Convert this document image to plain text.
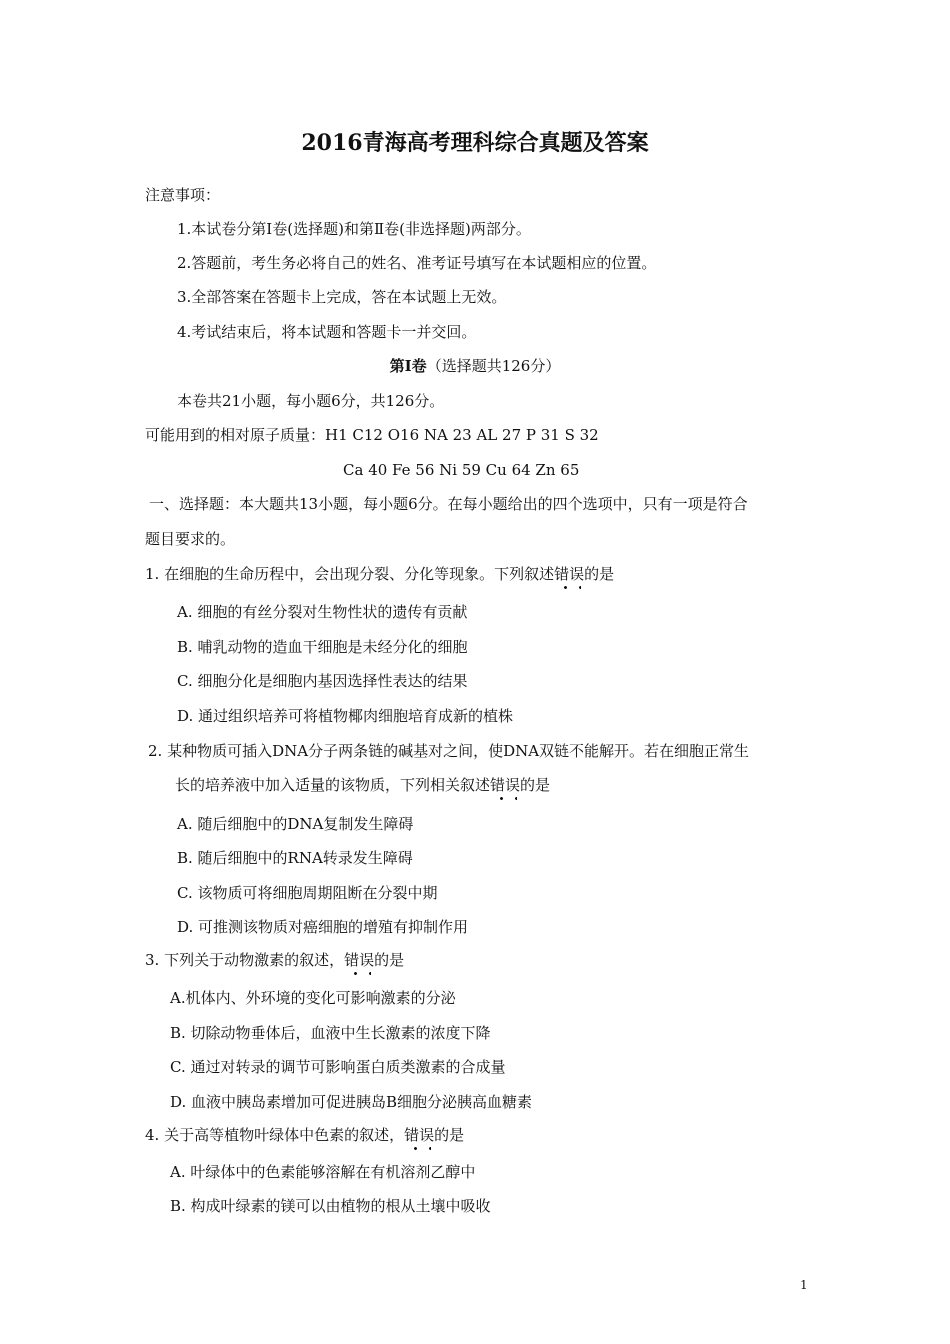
2016青海高考理科综合真题及答案
注意事项：
1.本试卷分第Ⅰ卷(选择题)和第Ⅱ卷(非选择题)两部分。
2.答题前，考生务必将自己的姓名、准考证号填写在本试题相应的位置。
3.全部答案在答题卡上完成，答在本试题上无效。
4.考试结束后，将本试题和答题卡一并交回。
第Ⅰ卷（选择题共126分）
本卷共21小题，每小题6分，共126分。
可能用到的相对原子质量：H1 C12 O16 NA 23 AL 27 P 31 S 32
Ca 40 Fe 56 Ni 59 Cu 64 Zn 65
一、选择题：本大题共13小题，每小题6分。在每小题给出的四个选项中，只有一项是符合
题目要求的。
1. 在细胞的生命历程中，会出现分裂、分化等现象。下列叙述错误的是
A. 细胞的有丝分裂对生物性状的遗传有贡献
B. 哺乳动物的造血干细胞是未经分化的细胞
C. 细胞分化是细胞内基因选择性表达的结果
D. 通过组织培养可将植物椰肉细胞培育成新的植株
2. 某种物质可插入DNA分子两条链的碱基对之间，使DNA双链不能解开。若在细胞正常生
长的培养液中加入适量的该物质，下列相关叙述错误的是
A. 随后细胞中的DNA复制发生障碍
B. 随后细胞中的RNA转录发生障碍
C. 该物质可将细胞周期阻断在分裂中期
D. 可推测该物质对癌细胞的增殖有抑制作用
3. 下列关于动物激素的叙述，错误的是
A.机体内、外环境的变化可影响激素的分泌
B. 切除动物垂体后，血液中生长激素的浓度下降
C. 通过对转录的调节可影响蛋白质类激素的合成量
D. 血液中胰岛素增加可促进胰岛B细胞分泌胰高血糖素
4. 关于高等植物叶绿体中色素的叙述，错误的是
A. 叶绿体中的色素能够溶解在有机溶剂乙醇中
B. 构成叶绿素的镁可以由植物的根从土壤中吸收
1
